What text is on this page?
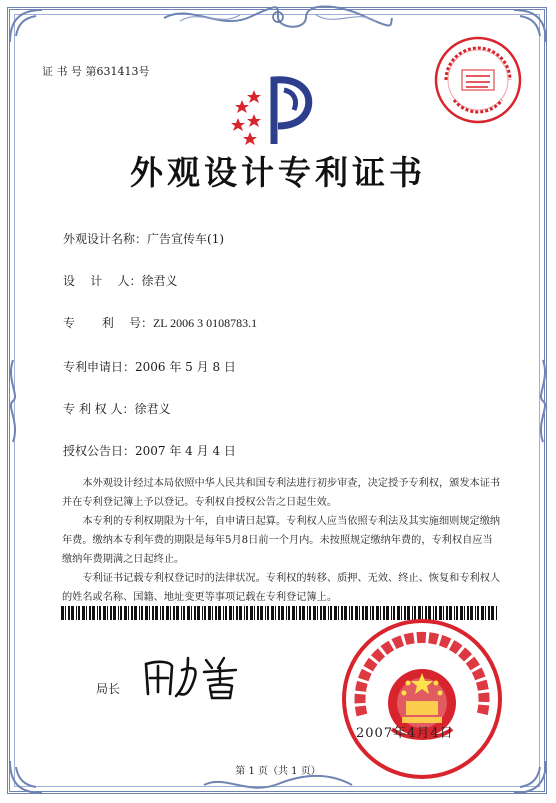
证 书 号 第631413号
外观设计专利证书
外观设计名称：广告宣传车(1)
设    计    人：徐君义
专       利    号：ZL 2006 3 0108783.1
专利申请日：2006 年 5 月 8 日
专 利 权 人：徐君义
授权公告日：2007 年 4 月 4 日

本外观设计经过本局依照中华人民共和国专利法进行初步审查，决定授予专利权，颁发本证书并在专利登记簿上予以登记。专利权自授权公告之日起生效。

本专利的专利权期限为十年，自申请日起算。专利权人应当依照专利法及其实施细则规定缴纳年费。缴纳本专利年费的期限是每年5月8日前一个月内。未按照规定缴纳年费的，专利权自应当缴纳年费期满之日起终止。

专利证书记载专利权登记时的法律状况。专利权的转移、质押、无效、终止、恢复和专利权人的姓名或名称、国籍、地址变更等事项记载在专利登记簿上。

局长
2007年4月4日
第 1 页（共 1 页）
